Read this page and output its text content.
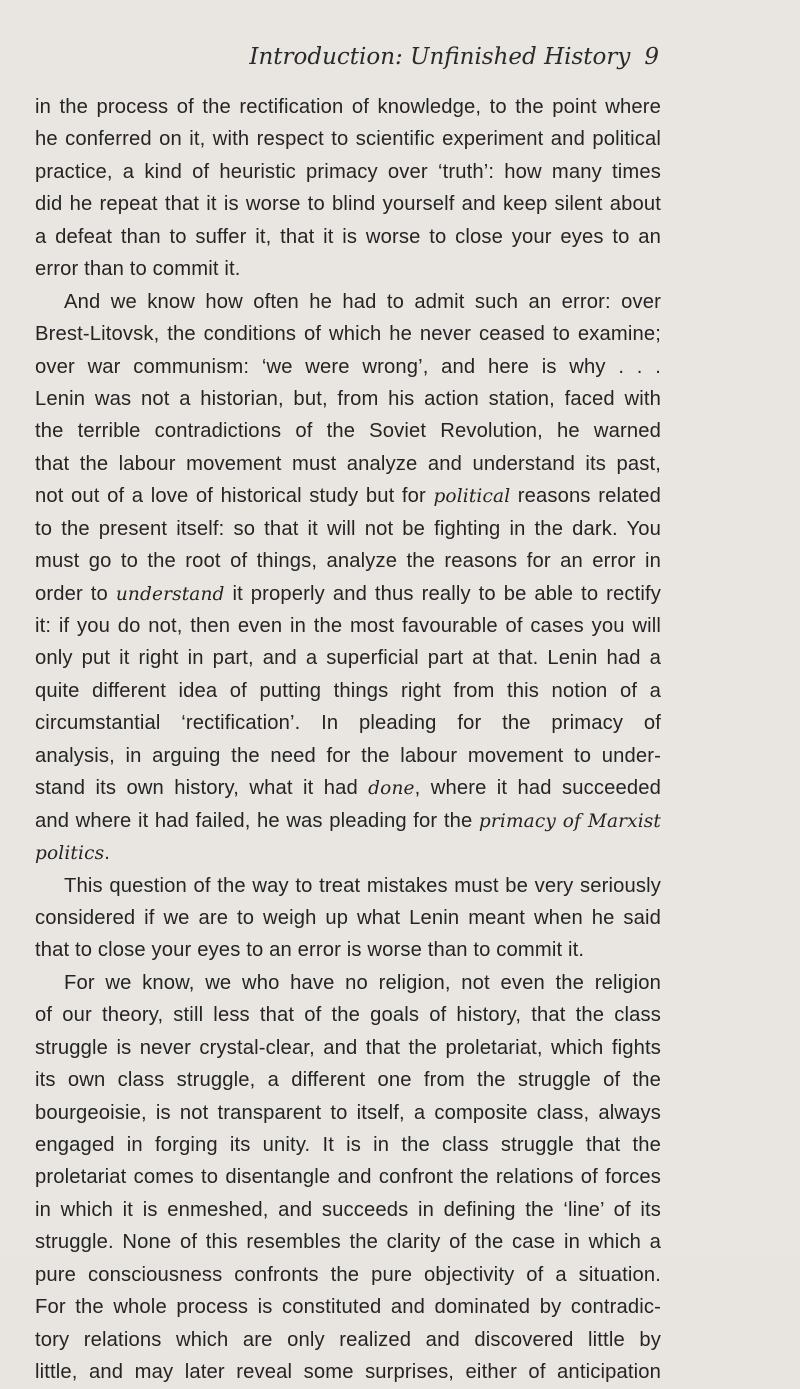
Introduction: Unfinished History 9
in the process of the rectification of knowledge, to the point where
he conferred on it, with respect to scientific experiment and political
practice, a kind of heuristic primacy over ‘truth’: how many times
did he repeat that it is worse to blind yourself and keep silent about
a defeat than to suffer it, that it is worse to close your eyes to an
error than to commit it.
And we know how often he had to admit such an error: over
Brest-Litovsk, the conditions of which he never ceased to examine;
over war communism: ‘we were wrong’, and here is why . . .
Lenin was not a historian, but, from his action station, faced with
the terrible contradictions of the Soviet Revolution, he warned
that the labour movement must analyze and understand its past,
not out of a love of historical study but for political reasons related
to the present itself: so that it will not be fighting in the dark. You
must go to the root of things, analyze the reasons for an error in
order to understand it properly and thus really to be able to rectify
it: if you do not, then even in the most favourable of cases you will
only put it right in part, and a superficial part at that. Lenin had a
quite different idea of putting things right from this notion of a
circumstantial ‘rectification’. In pleading for the primacy of
analysis, in arguing the need for the labour movement to under-
stand its own history, what it had done, where it had succeeded
and where it had failed, he was pleading for the primacy of Marxist
politics.
This question of the way to treat mistakes must be very seriously
considered if we are to weigh up what Lenin meant when he said
that to close your eyes to an error is worse than to commit it.
For we know, we who have no religion, not even the religion
of our theory, still less that of the goals of history, that the class
struggle is never crystal-clear, and that the proletariat, which fights
its own class struggle, a different one from the struggle of the
bourgeoisie, is not transparent to itself, a composite class, always
engaged in forging its unity. It is in the class struggle that the
proletariat comes to disentangle and confront the relations of forces
in which it is enmeshed, and succeeds in defining the ‘line’ of its
struggle. None of this resembles the clarity of the case in which a
pure consciousness confronts the pure objectivity of a situation.
For the whole process is constituted and dominated by contradic-
tory relations which are only realized and discovered little by
little, and may later reveal some surprises, either of anticipation
